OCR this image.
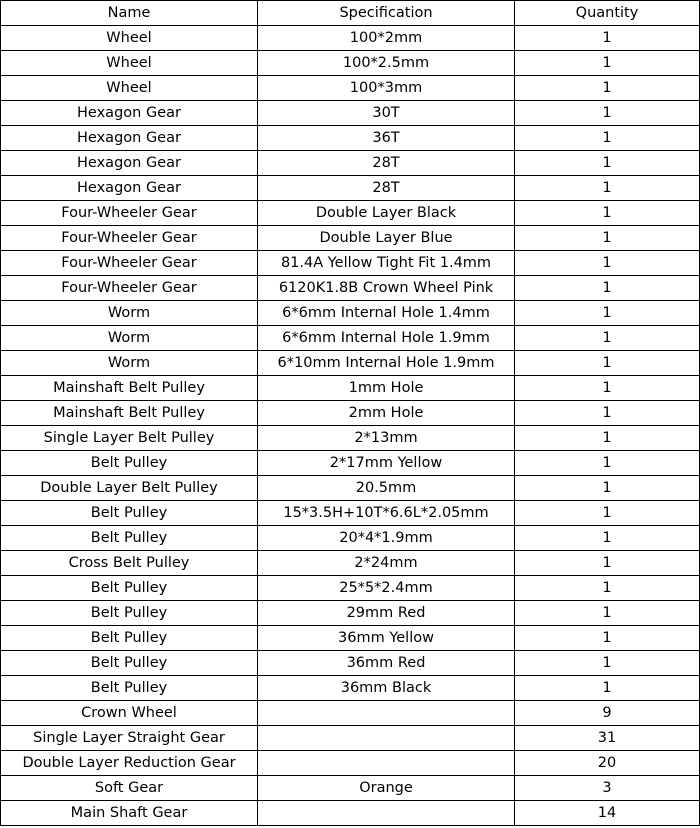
Name	Specification	Quantity
Wheel	100*2mm	1
Wheel	100*2.5mm	1
Wheel	100*3mm	1
Hexagon Gear	30T	1
Hexagon Gear	36T	1
Hexagon Gear	28T	1
Hexagon Gear	28T	1
Four-Wheeler Gear	Double Layer Black	1
Four-Wheeler Gear	Double Layer Blue	1
Four-Wheeler Gear	81.4A Yellow Tight Fit 1.4mm	1
Four-Wheeler Gear	6120K1.8B Crown Wheel Pink	1
Worm	6*6mm Internal Hole 1.4mm	1
Worm	6*6mm Internal Hole 1.9mm	1
Worm	6*10mm Internal Hole 1.9mm	1
Mainshaft Belt Pulley	1mm Hole	1
Mainshaft Belt Pulley	2mm Hole	1
Single Layer Belt Pulley	2*13mm	1
Belt Pulley	2*17mm Yellow	1
Double Layer Belt Pulley	20.5mm	1
Belt Pulley	15*3.5H+10T*6.6L*2.05mm	1
Belt Pulley	20*4*1.9mm	1
Cross Belt Pulley	2*24mm	1
Belt Pulley	25*5*2.4mm	1
Belt Pulley	29mm Red	1
Belt Pulley	36mm Yellow	1
Belt Pulley	36mm Red	1
Belt Pulley	36mm Black	1
Crown Wheel		9
Single Layer Straight Gear		31
Double Layer Reduction Gear		20
Soft Gear	Orange	3
Main Shaft Gear		14
